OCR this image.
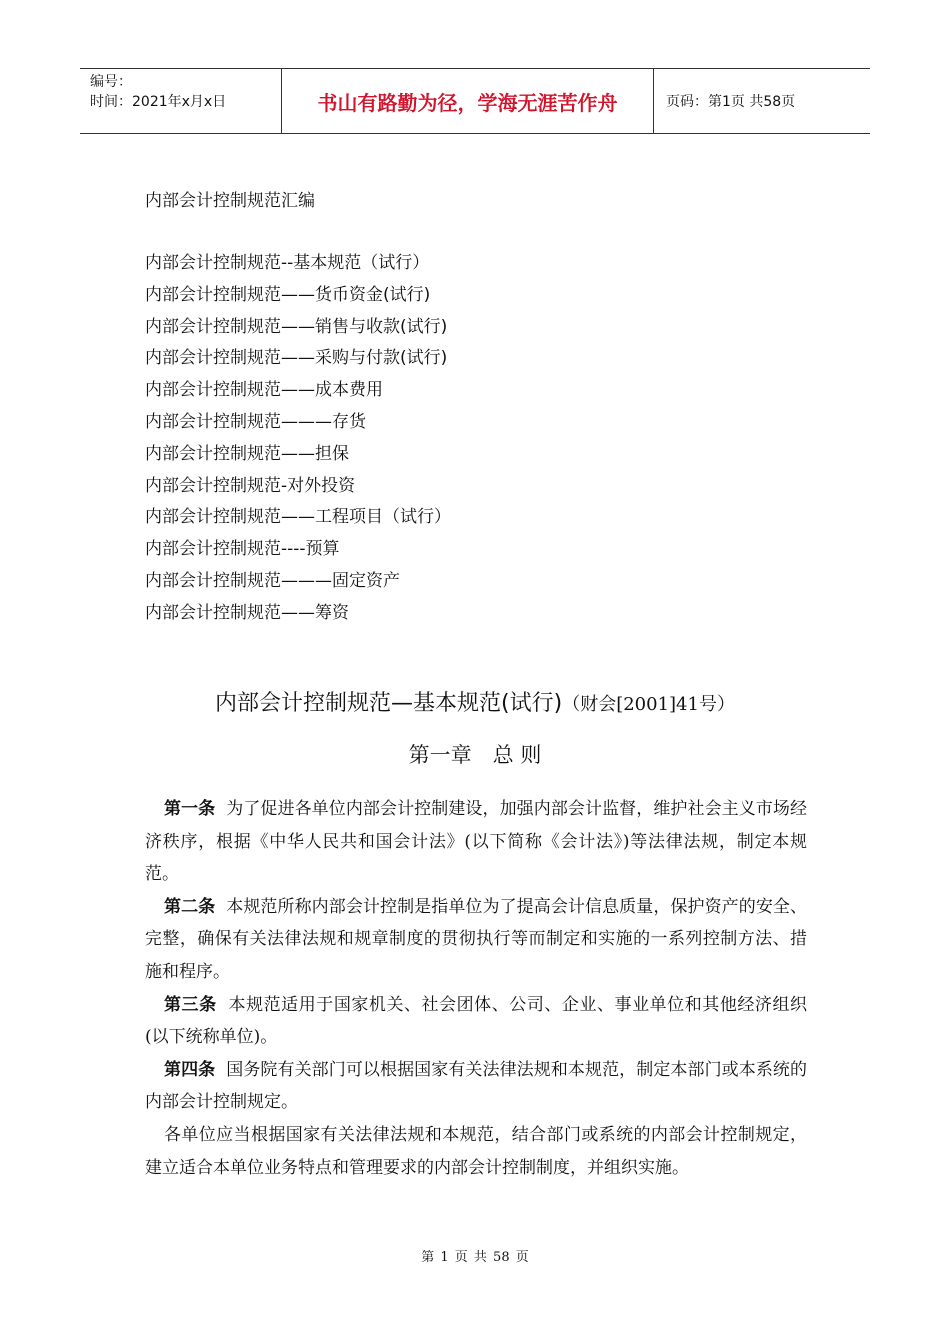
编号：
时间：2021年x月x日	书山有路勤为径，学海无涯苦作舟	页码：第1页 共58页
内部会计控制规范汇编
内部会计控制规范--基本规范（试行）
内部会计控制规范——货币资金(试行)
内部会计控制规范——销售与收款(试行)
内部会计控制规范——采购与付款(试行)
内部会计控制规范——成本费用
内部会计控制规范———存货
内部会计控制规范——担保
内部会计控制规范-对外投资
内部会计控制规范——工程项目（试行）
内部会计控制规范----预算
内部会计控制规范———固定资产
内部会计控制规范——筹资
内部会计控制规范—基本规范(试行)（财会[2001]41号）
第一章　总 则

第一条 为了促进各单位内部会计控制建设，加强内部会计监督，维护社会主义市场经济秩序，根据《中华人民共和国会计法》(以下简称《会计法》)等法律法规，制定本规范。

第二条 本规范所称内部会计控制是指单位为了提高会计信息质量，保护资产的安全、完整，确保有关法律法规和规章制度的贯彻执行等而制定和实施的一系列控制方法、措施和程序。

第三条 本规范适用于国家机关、社会团体、公司、企业、事业单位和其他经济组织(以下统称单位)。

第四条 国务院有关部门可以根据国家有关法律法规和本规范，制定本部门或本系统的内部会计控制规定。

各单位应当根据国家有关法律法规和本规范，结合部门或系统的内部会计控制规定，建立适合本单位业务特点和管理要求的内部会计控制制度，并组织实施。

第 1 页 共 58 页
